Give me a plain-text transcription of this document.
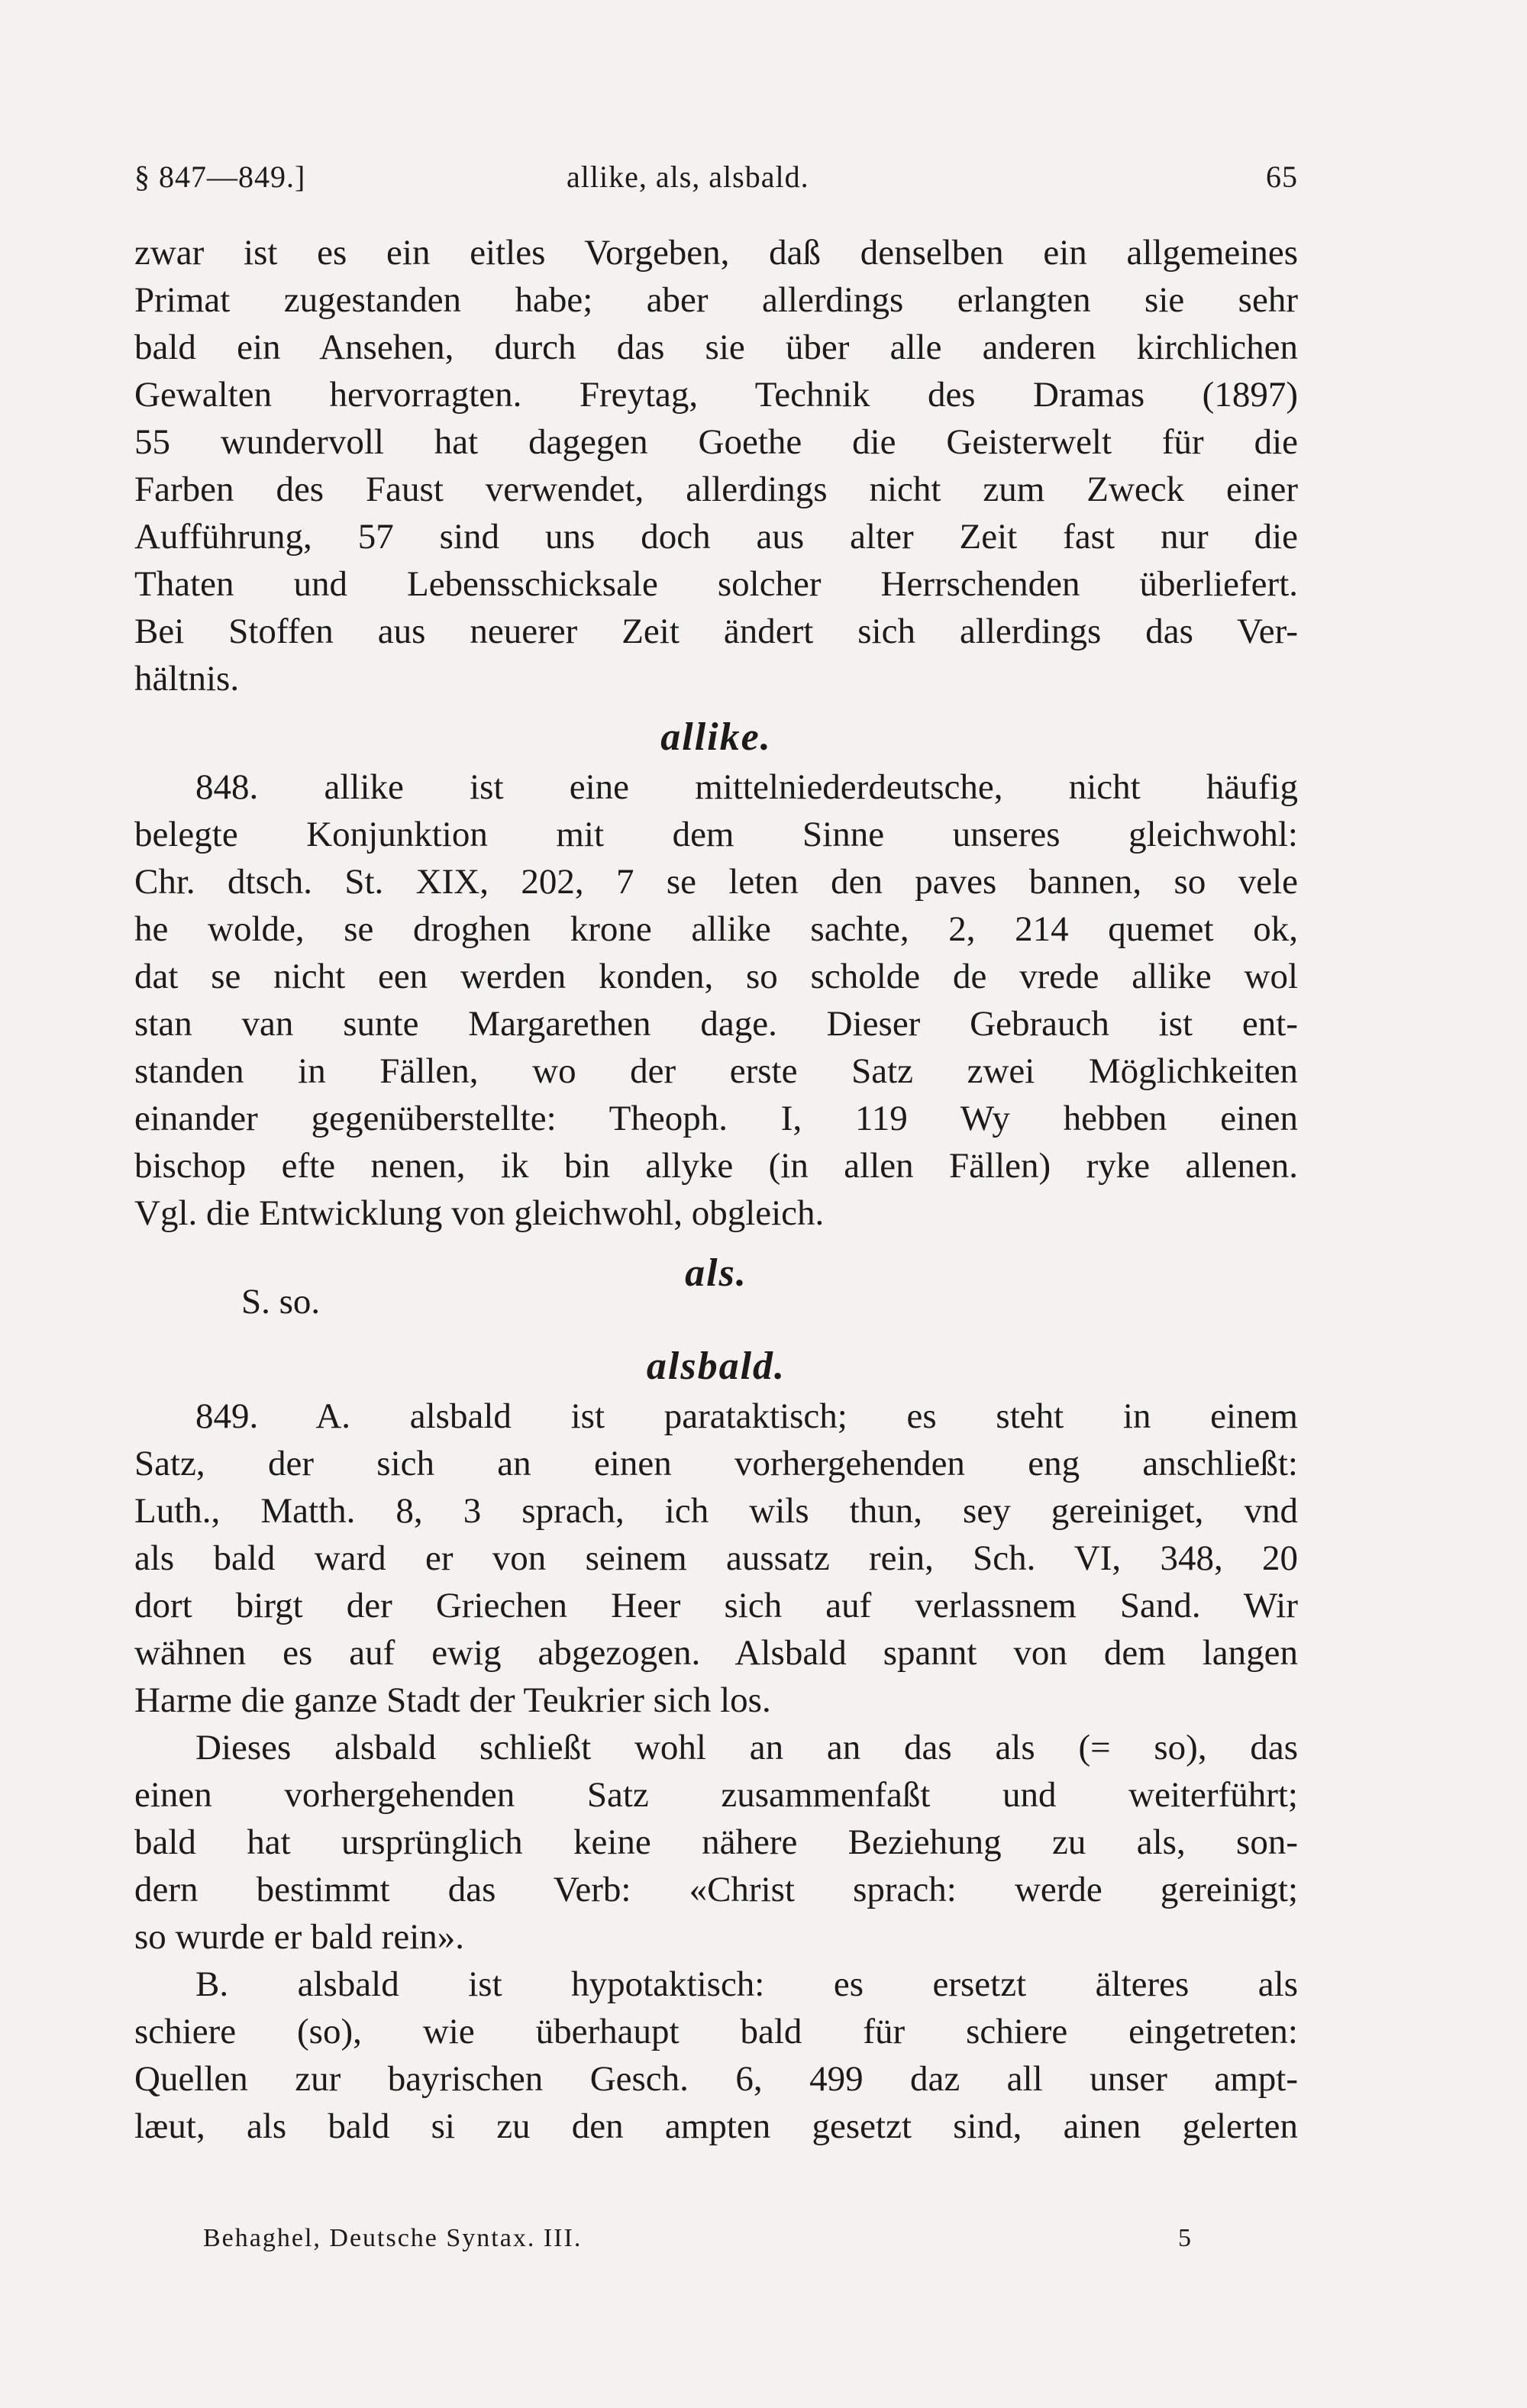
§ 847—849.]	allike, als, alsbald.	65
zwar ist es ein eitles Vorgeben, daß denselben ein allgemeines
Primat zugestanden habe; aber allerdings erlangten sie sehr
bald ein Ansehen, durch das sie über alle anderen kirchlichen
Gewalten hervorragten. Freytag, Technik des Dramas (1897)
55 wundervoll hat dagegen Goethe die Geisterwelt für die
Farben des Faust verwendet, allerdings nicht zum Zweck einer
Aufführung, 57 sind uns doch aus alter Zeit fast nur die
Thaten und Lebensschicksale solcher Herrschenden überliefert.
Bei Stoffen aus neuerer Zeit ändert sich allerdings das Ver-
hältnis.
allike.
848. allike ist eine mittelniederdeutsche, nicht häufig
belegte Konjunktion mit dem Sinne unseres gleichwohl:
Chr. dtsch. St. XIX, 202, 7 se leten den paves bannen, so vele
he wolde, se droghen krone allike sachte, 2, 214 quemet ok,
dat se nicht een werden konden, so scholde de vrede allike wol
stan van sunte Margarethen dage. Dieser Gebrauch ist ent-
standen in Fällen, wo der erste Satz zwei Möglichkeiten
einander gegenüberstellte: Theoph. I, 119 Wy hebben einen
bischop efte nenen, ik bin allyke (in allen Fällen) ryke allenen.
Vgl. die Entwicklung von gleichwohl, obgleich.
als.
S. so.
alsbald.
849. A. alsbald ist parataktisch; es steht in einem
Satz, der sich an einen vorhergehenden eng anschließt:
Luth., Matth. 8, 3 sprach, ich wils thun, sey gereiniget, vnd
als bald ward er von seinem aussatz rein, Sch. VI, 348, 20
dort birgt der Griechen Heer sich auf verlassnem Sand. Wir
wähnen es auf ewig abgezogen. Alsbald spannt von dem langen
Harme die ganze Stadt der Teukrier sich los.
Dieses alsbald schließt wohl an an das als (= so), das
einen vorhergehenden Satz zusammenfaßt und weiterführt;
bald hat ursprünglich keine nähere Beziehung zu als, son-
dern bestimmt das Verb: «Christ sprach: werde gereinigt;
so wurde er bald rein».
B. alsbald ist hypotaktisch: es ersetzt älteres als
schiere (so), wie überhaupt bald für schiere eingetreten:
Quellen zur bayrischen Gesch. 6, 499 daz all unser ampt-
læut, als bald si zu den ampten gesetzt sind, ainen gelerten
Behaghel, Deutsche Syntax. III.	5
